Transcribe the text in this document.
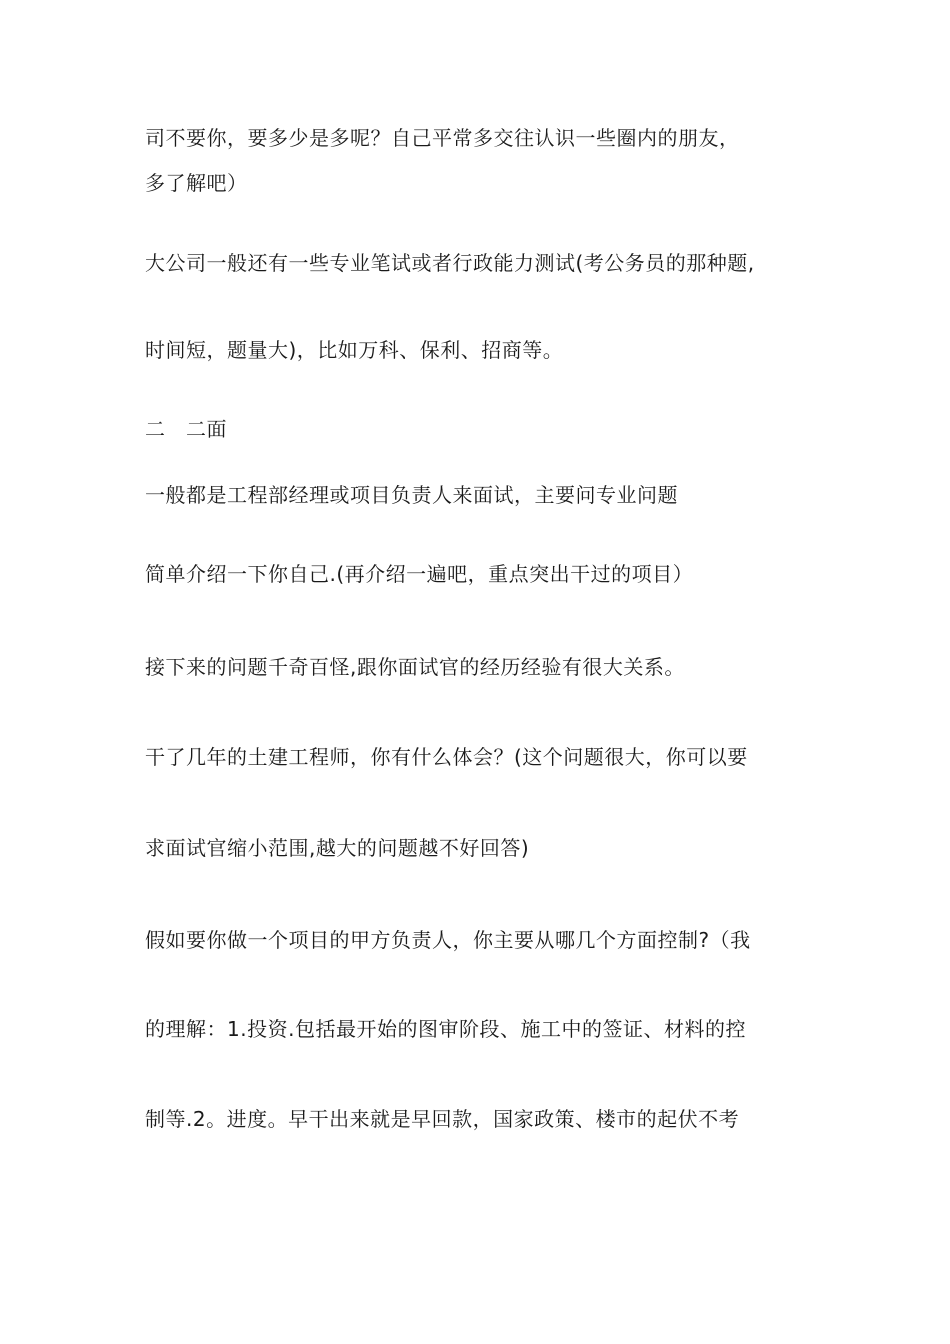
司不要你，要多少是多呢？自己平常多交往认识一些圈内的朋友，
多了解吧）
大公司一般还有一些专业笔试或者行政能力测试(考公务员的那种题,
时间短，题量大)，比如万科、保利、招商等。
二　二面
一般都是工程部经理或项目负责人来面试，主要问专业问题
简单介绍一下你自己.(再介绍一遍吧，重点突出干过的项目）
接下来的问题千奇百怪,跟你面试官的经历经验有很大关系。
干了几年的土建工程师，你有什么体会？(这个问题很大，你可以要
求面试官缩小范围,越大的问题越不好回答)
假如要你做一个项目的甲方负责人，你主要从哪几个方面控制?（我
的理解：1.投资.包括最开始的图审阶段、施工中的签证、材料的控
制等.2。进度。早干出来就是早回款，国家政策、楼市的起伏不考
